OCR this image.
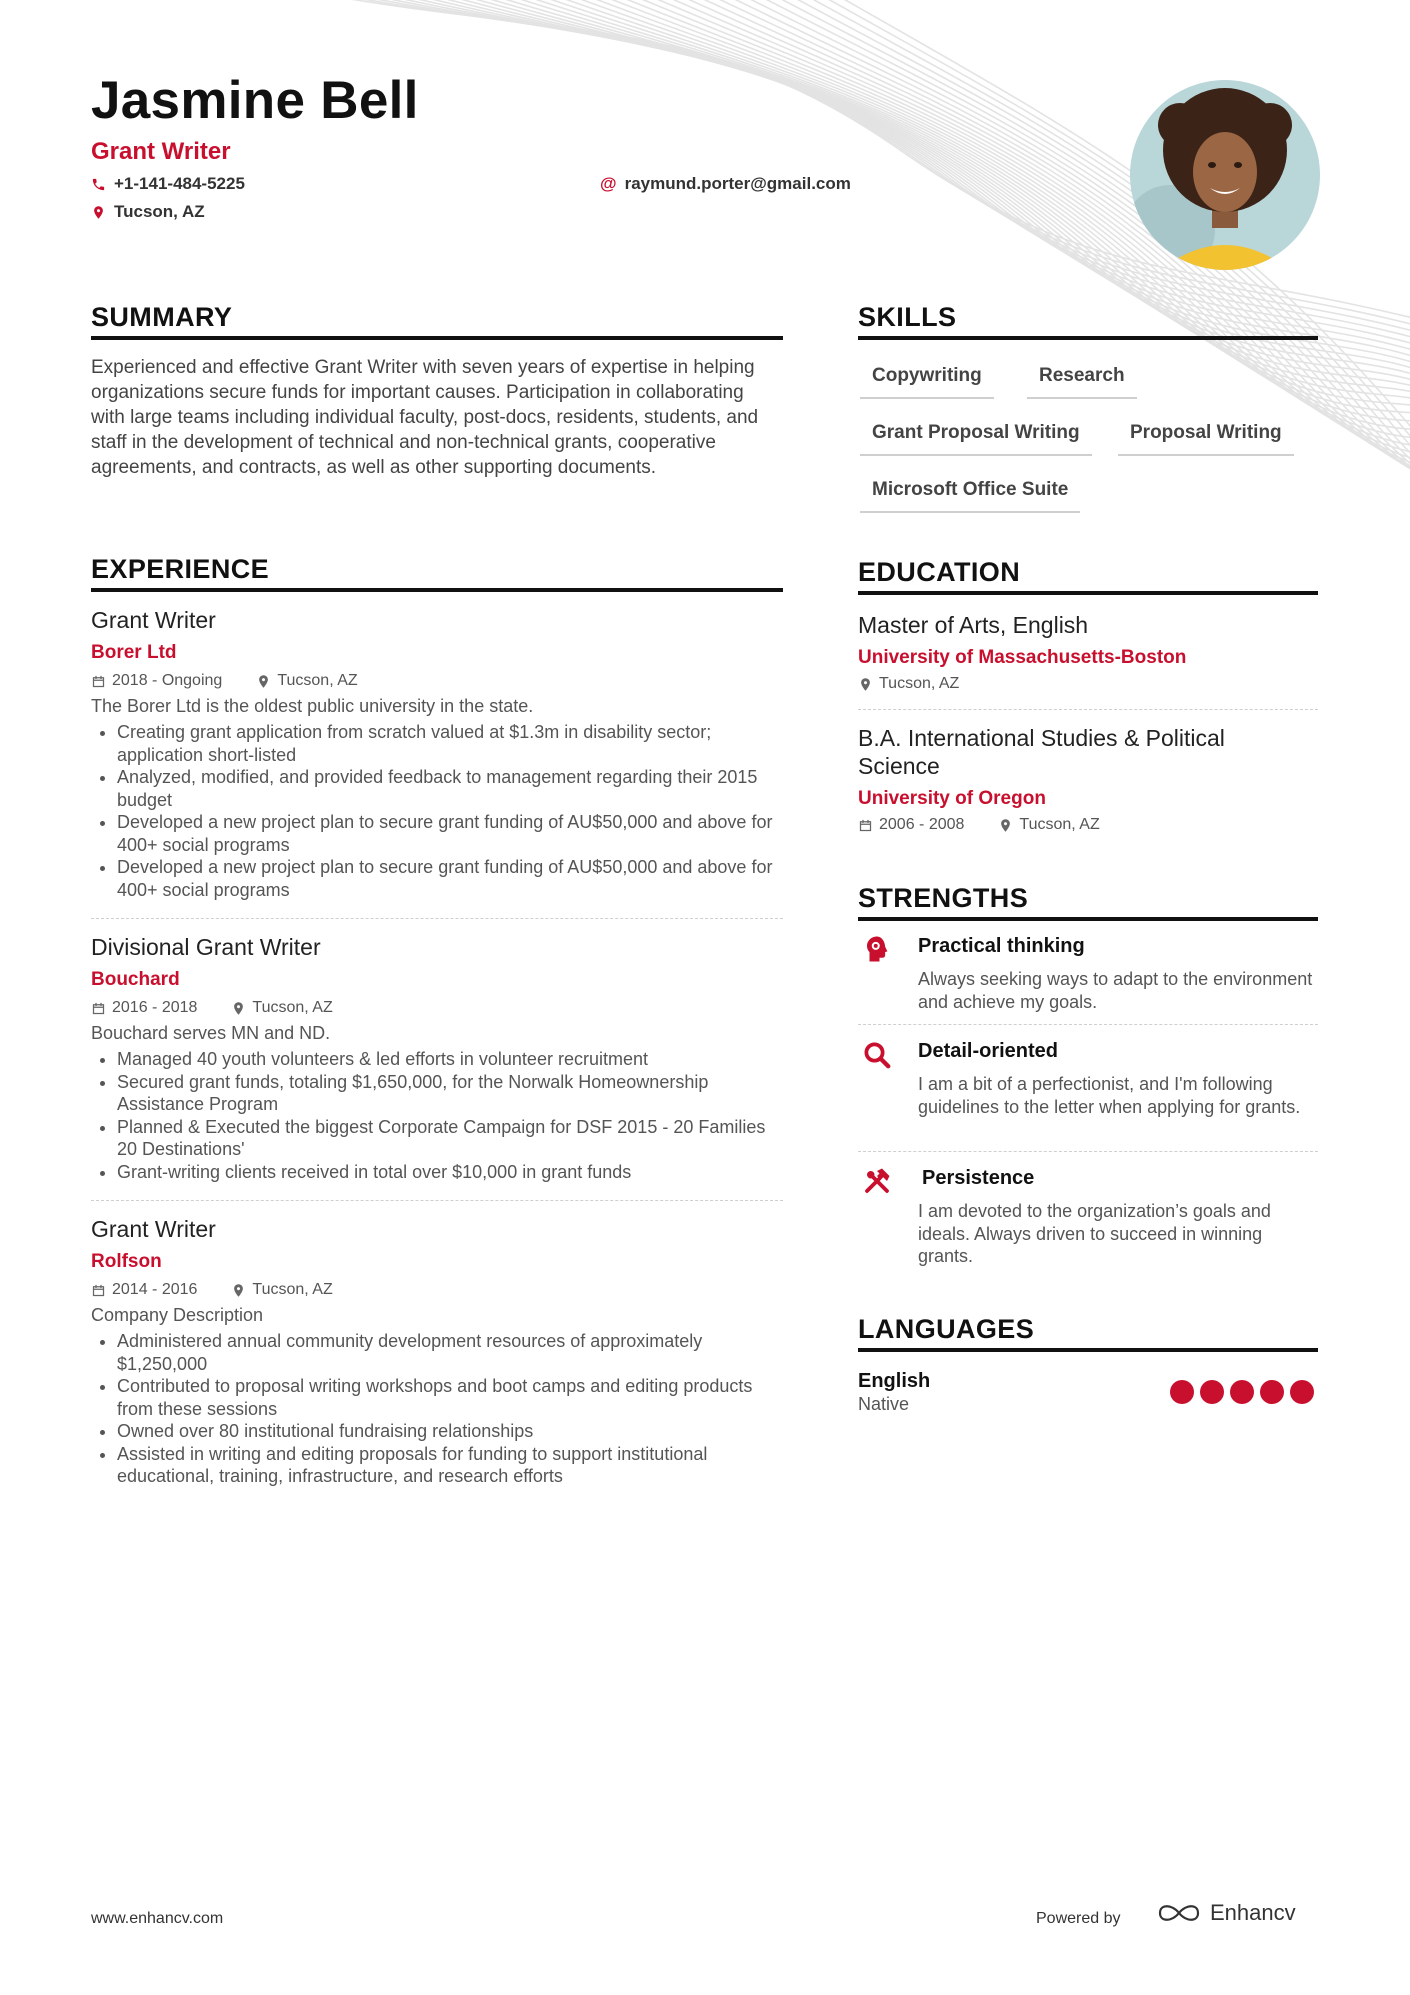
Jasmine Bell
Grant Writer
+1-141-484-5225	@ raymund.porter@gmail.com
Tucson, AZ
SUMMARY
Experienced and effective Grant Writer with seven years of expertise in helping organizations secure funds for important causes. Participation in collaborating with large teams including individual faculty, post-docs, residents, students, and staff in the development of technical and non-technical grants, cooperative agreements, and contracts, as well as other supporting documents.
EXPERIENCE
Grant Writer
Borer Ltd
2018 - Ongoing	Tucson, AZ
The Borer Ltd is the oldest public university in the state.
• Creating grant application from scratch valued at $1.3m in disability sector; application short-listed
• Analyzed, modified, and provided feedback to management regarding their 2015 budget
• Developed a new project plan to secure grant funding of AU$50,000 and above for 400+ social programs
• Developed a new project plan to secure grant funding of AU$50,000 and above for 400+ social programs
Divisional Grant Writer
Bouchard
2016 - 2018	Tucson, AZ
Bouchard serves MN and ND.
• Managed 40 youth volunteers & led efforts in volunteer recruitment
• Secured grant funds, totaling $1,650,000, for the Norwalk Homeownership Assistance Program
• Planned & Executed the biggest Corporate Campaign for DSF 2015 - 20 Families 20 Destinations'
• Grant-writing clients received in total over $10,000 in grant funds
Grant Writer
Rolfson
2014 - 2016	Tucson, AZ
Company Description
• Administered annual community development resources of approximately $1,250,000
• Contributed to proposal writing workshops and boot camps and editing products from these sessions
• Owned over 80 institutional fundraising relationships
• Assisted in writing and editing proposals for funding to support institutional educational, training, infrastructure, and research efforts
SKILLS
Copywriting	Research
Grant Proposal Writing	Proposal Writing
Microsoft Office Suite
EDUCATION
Master of Arts, English
University of Massachusetts-Boston
Tucson, AZ
B.A. International Studies & Political Science
University of Oregon
2006 - 2008	Tucson, AZ
STRENGTHS
Practical thinking
Always seeking ways to adapt to the environment and achieve my goals.
Detail-oriented
I am a bit of a perfectionist, and I'm following guidelines to the letter when applying for grants.
Persistence
I am devoted to the organization’s goals and ideals. Always driven to succeed in winning grants.
LANGUAGES
English
Native
www.enhancv.com	Powered by	Enhancv
